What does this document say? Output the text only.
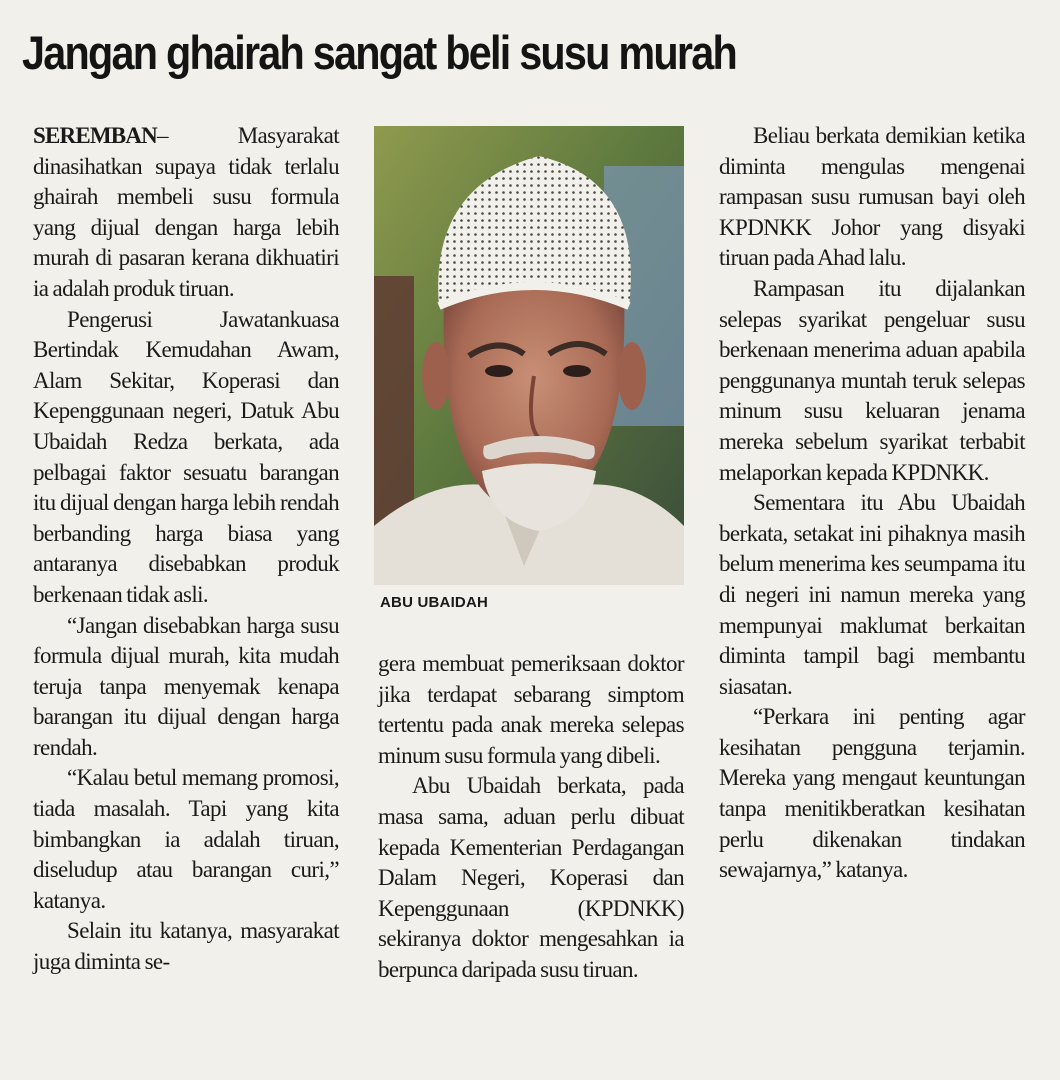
Jangan ghairah sangat beli susu murah

SEREMBAN– Masyarakat dinasihatkan supaya tidak terlalu ghairah membeli susu formula yang dijual dengan harga lebih murah di pasaran kerana dikhuatiri ia adalah produk tiruan.

Pengerusi Jawatankuasa Bertindak Kemudahan Awam, Alam Sekitar, Koperasi dan Kepenggunaan negeri, Datuk Abu Ubaidah Redza berkata, ada pelbagai faktor sesuatu barangan itu dijual dengan harga lebih rendah berbanding harga biasa yang antaranya disebabkan produk berkenaan tidak asli.

“Jangan disebabkan harga susu formula dijual murah, kita mudah teruja tanpa menyemak kenapa barangan itu dijual dengan harga rendah.

“Kalau betul memang promosi, tiada masalah. Tapi yang kita bimbangkan ia adalah tiruan, diseludup atau barangan curi,” katanya.

Selain itu katanya, masyarakat juga diminta se-

ABU UBAIDAH

gera membuat pemeriksaan doktor jika terdapat sebarang simptom tertentu pada anak mereka selepas minum susu formula yang dibeli.

Abu Ubaidah berkata, pada masa sama, aduan perlu dibuat kepada Kementerian Perdagangan Dalam Negeri, Koperasi dan Kepenggunaan (KPDNKK) sekiranya doktor mengesahkan ia berpunca daripada susu tiruan.

Beliau berkata demikian ketika diminta mengulas mengenai rampasan susu rumusan bayi oleh KPDNKK Johor yang disyaki tiruan pada Ahad lalu.

Rampasan itu dijalankan selepas syarikat pengeluar susu berkenaan menerima aduan apabila penggunanya muntah teruk selepas minum susu keluaran jenama mereka sebelum syarikat terbabit melaporkan kepada KPDNKK.

Sementara itu Abu Ubaidah berkata, setakat ini pihaknya masih belum menerima kes seumpama itu di negeri ini namun mereka yang mempunyai maklumat berkaitan diminta tampil bagi membantu siasatan.

“Perkara ini penting agar kesihatan pengguna terjamin. Mereka yang mengaut keuntungan tanpa menitikberatkan kesihatan perlu dikenakan tindakan sewajarnya,” katanya.
